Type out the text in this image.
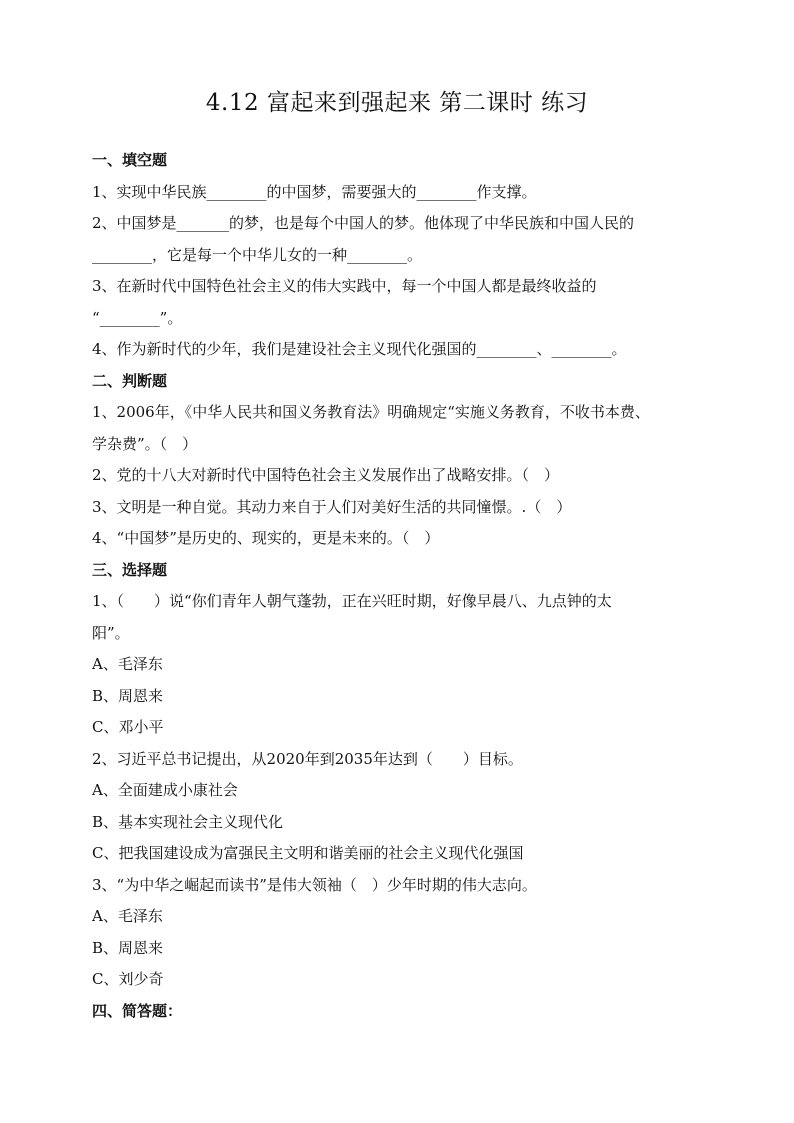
4.12 富起来到强起来 第二课时 练习
一、填空题
1、实现中华民族________的中国梦，需要强大的________作支撑。
2、中国梦是_______的梦，也是每个中国人的梦。他体现了中华民族和中国人民的
________，它是每一个中华儿女的一种________。
3、在新时代中国特色社会主义的伟大实践中，每一个中国人都是最终收益的
“________”。
4、作为新时代的少年，我们是建设社会主义现代化强国的________、________。
二、判断题
1、2006年，《中华人民共和国义务教育法》明确规定“实施义务教育，不收书本费、
学杂费”。（　）
2、党的十八大对新时代中国特色社会主义发展作出了战略安排。（　）
3、文明是一种自觉。其动力来自于人们对美好生活的共同憧憬。.（　）
4、“中国梦”是历史的、现实的，更是未来的。（　）
三、选择题
1、（　　）说“你们青年人朝气蓬勃，正在兴旺时期，好像早晨八、九点钟的太
阳”。
A、毛泽东
B、周恩来
C、邓小平
2、习近平总书记提出，从2020年到2035年达到（　　）目标。
A、全面建成小康社会
B、基本实现社会主义现代化
C、把我国建设成为富强民主文明和谐美丽的社会主义现代化强国
3、“为中华之崛起而读书”是伟大领袖（　）少年时期的伟大志向。
A、毛泽东
B、周恩来
C、刘少奇
四、简答题：
